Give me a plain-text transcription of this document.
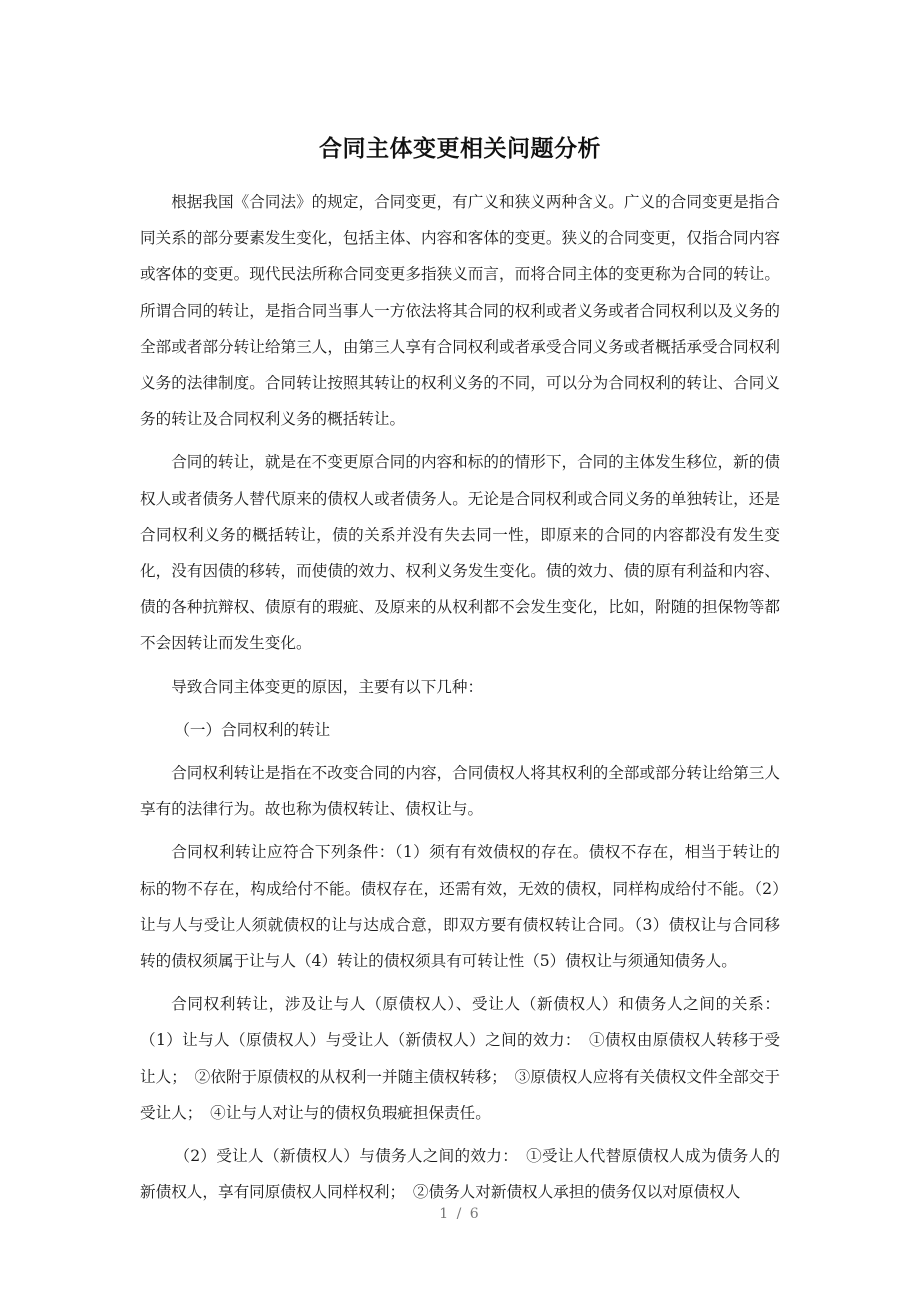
合同主体变更相关问题分析

根据我国《合同法》的规定，合同变更，有广义和狭义两种含义。广义的合同变更是指合同关系的部分要素发生变化，包括主体、内容和客体的变更。狭义的合同变更，仅指合同内容或客体的变更。现代民法所称合同变更多指狭义而言，而将合同主体的变更称为合同的转让。所谓合同的转让，是指合同当事人一方依法将其合同的权利或者义务或者合同权利以及义务的全部或者部分转让给第三人，由第三人享有合同权利或者承受合同义务或者概括承受合同权利义务的法律制度。合同转让按照其转让的权利义务的不同，可以分为合同权利的转让、合同义务的转让及合同权利义务的概括转让。

合同的转让，就是在不变更原合同的内容和标的的情形下，合同的主体发生移位，新的债权人或者债务人替代原来的债权人或者债务人。无论是合同权利或合同义务的单独转让，还是合同权利义务的概括转让，债的关系并没有失去同一性，即原来的合同的内容都没有发生变化，没有因债的移转，而使债的效力、权利义务发生变化。债的效力、债的原有利益和内容、债的各种抗辩权、债原有的瑕疵、及原来的从权利都不会发生变化，比如，附随的担保物等都不会因转让而发生变化。

导致合同主体变更的原因，主要有以下几种：

（一）合同权利的转让

合同权利转让是指在不改变合同的内容，合同债权人将其权利的全部或部分转让给第三人享有的法律行为。故也称为债权转让、债权让与。

合同权利转让应符合下列条件：（1）须有有效债权的存在。债权不存在，相当于转让的标的物不存在，构成给付不能。债权存在，还需有效，无效的债权，同样构成给付不能。（2）让与人与受让人须就债权的让与达成合意，即双方要有债权转让合同。（3）债权让与合同移转的债权须属于让与人（4）转让的债权须具有可转让性（5）债权让与须通知债务人。

合同权利转让，涉及让与人（原债权人）、受让人（新债权人）和债务人之间的关系：（1）让与人（原债权人）与受让人（新债权人）之间的效力：　①债权由原债权人转移于受让人；　②依附于原债权的从权利一并随主债权转移；　③原债权人应将有关债权文件全部交于受让人；　④让与人对让与的债权负瑕疵担保责任。

（2）受让人（新债权人）与债务人之间的效力：　①受让人代替原债权人成为债务人的新债权人，享有同原债权人同样权利；　②债务人对新债权人承担的债务仅以对原债权人

1 / 6
